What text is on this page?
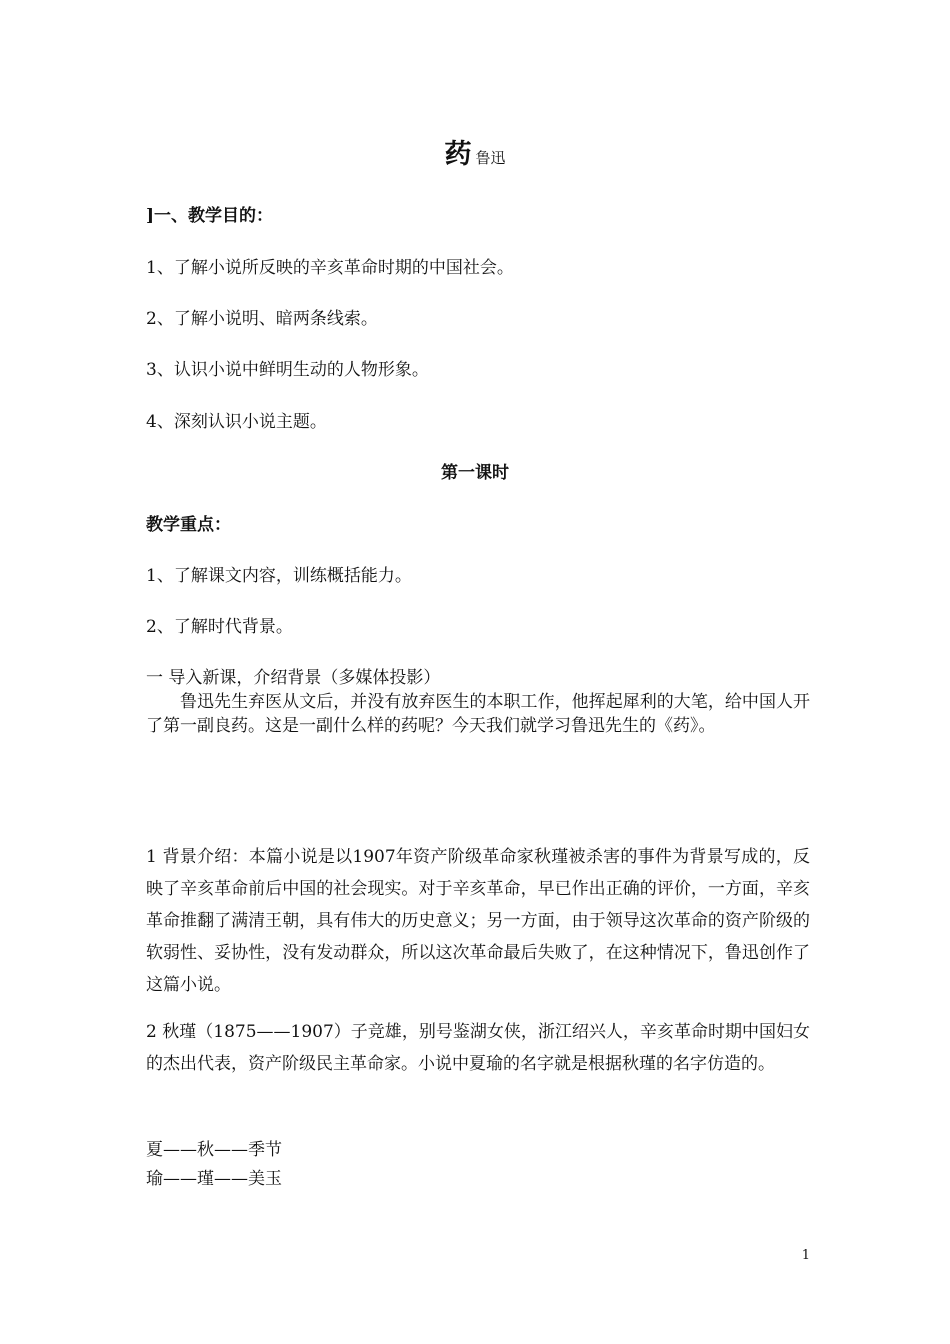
药鲁迅
]一、教学目的：
1、了解小说所反映的辛亥革命时期的中国社会。
2、了解小说明、暗两条线索。
3、认识小说中鲜明生动的人物形象。
4、深刻认识小说主题。
第一课时
教学重点：
1、了解课文内容，训练概括能力。
2、了解时代背景。
一 导入新课，介绍背景（多媒体投影）
鲁迅先生弃医从文后，并没有放弃医生的本职工作，他挥起犀利的大笔，给中国人开了第一副良药。这是一副什么样的药呢？今天我们就学习鲁迅先生的《药》。
1 背景介绍：本篇小说是以1907年资产阶级革命家秋瑾被杀害的事件为背景写成的，反映了辛亥革命前后中国的社会现实。对于辛亥革命，早已作出正确的评价，一方面，辛亥革命推翻了满清王朝，具有伟大的历史意义；另一方面，由于领导这次革命的资产阶级的软弱性、妥协性，没有发动群众，所以这次革命最后失败了，在这种情况下，鲁迅创作了这篇小说。
2 秋瑾（1875——1907）子竞雄，别号鉴湖女侠，浙江绍兴人，辛亥革命时期中国妇女的杰出代表，资产阶级民主革命家。小说中夏瑜的名字就是根据秋瑾的名字仿造的。
夏——秋——季节
瑜——瑾——美玉
1
